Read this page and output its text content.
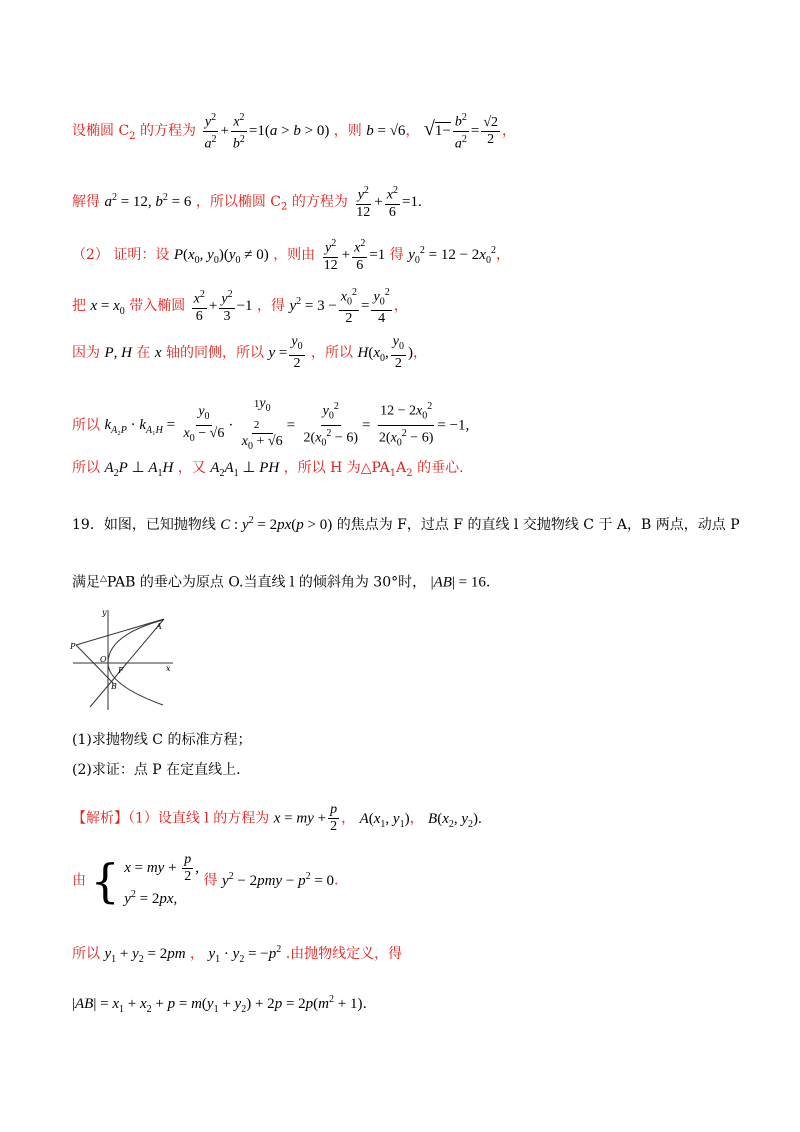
设椭圆 $C_2$ 的方程为 $\frac{y^2}{a^2} + \frac{x^2}{b^2} =1(a > b > 0)$ ，则 b = √6， $√1- \frac{b^2}{a^2} = \frac{√2}{2}$ ，
解得 $a^2 = 12$, $b^2 = 6$ ，所以椭圆 $C_2$ 的方程为 $\frac{y^2}{12} + \frac{x^2}{6} =1$.
（2） 证明：设 $P(x_0$, $y_0)(y_0 \ne 0)$ ，则由 $\frac{y^2}{12} + \frac{x^2}{6} =1$ 得 $y_0^2 = 12 - 2x_0^2$，
把 $x = x_0$ 带入椭圆 $\frac{x^2}{6} + \frac{y^2}{3} -1$ ，得 $y^2 = 3 - \frac{x_0^2}{2} = \frac{y_0^2}{4}$ ，
因为 P, H 在 x 轴的同侧，所以 $y = \frac{y_0}{2}$ ，所以 $H(x_0$, $\frac{y_0}{2}$ )，
所以 $k_{A_2P} \cdot k_{A_1H} = \frac{y_0}{x_0 - √6}$ ·
$1y_0$
2
$x_0 + √6$
= $\frac{y_0^2}{2(x_0^2 - 6)} = \frac{12 - 2x_0^2}{2(x_0^2 - 6)} = -1$,
所以 $A_2P$ ⊥ $A_1H$ ，又 $A_2A_1$ ⊥ PH ，所以 H 为$\triangle PA_1A_2$ 的垂心.
19．如图，已知抛物线 C : $y^2 = 2px(p > 0)$ 的焦点为 F，过点 F 的直线 l 交抛物线 C 于 A，B 两点，动点 P
满足△PAB 的垂心为原点 O.当直线 l 的倾斜角为 30°时， |AB| = 16.
y
x
O
F
P
A
B
(1)求抛物线 C 的标准方程；
(2)求证：点 P 在定直线上.
【解析】（1）设直线 l 的方程为 x = my + $\frac{p}{2}$ ， $A(x_1$, $y_1$)， $B(x_2$, $y_2$).
由 { x = my + $\frac{p}{2}$ ,
$y^2 = 2px$,
得 $y^2 - 2pmy - p^2 = 0$.
所以 $y_1 + y_2 = 2pm$ ， $y_1 \cdot y_2 = -p^2$ .由抛物线定义，得
$|AB| = x_1 + x_2 + p = m(y_1 + y_2) + 2p = 2p(m^2 + 1)$.
